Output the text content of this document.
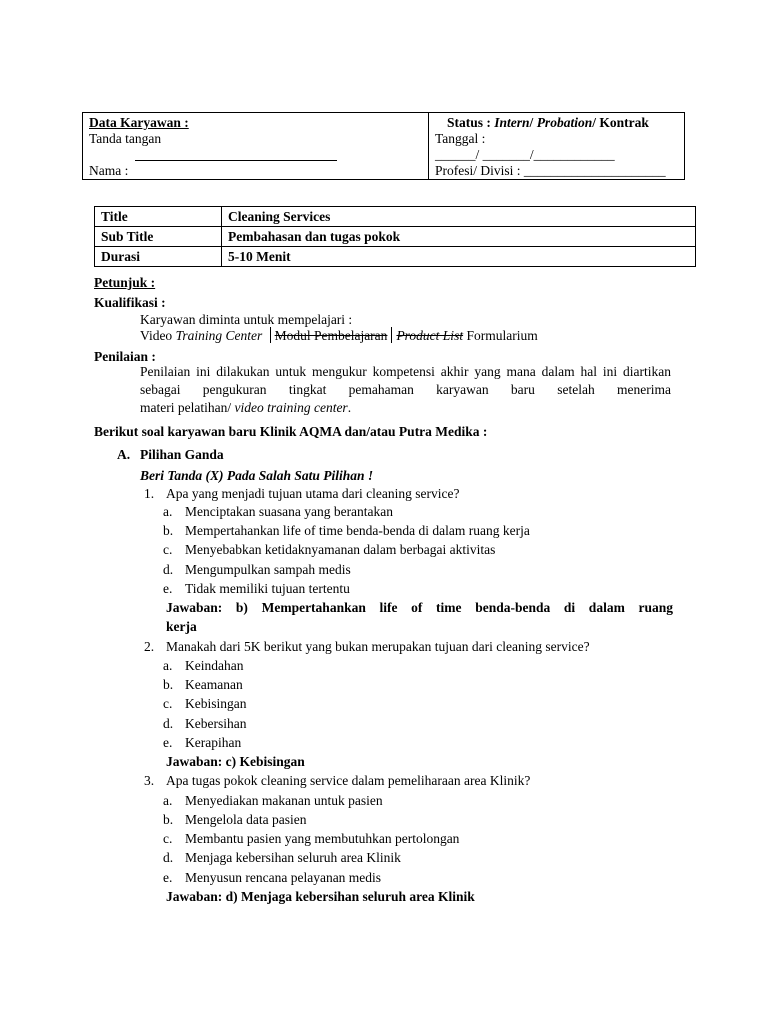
Data Karyawan :
Tanda tangan
Nama :
Status : Intern/ Probation/ Kontrak
Tanggal :
______/ _______/____________
Profesi/ Divisi : _____________________
Title	Cleaning Services
Sub Title	Pembahasan dan tugas pokok
Durasi	5-10 Menit
Petunjuk :
Kualifikasi :
Karyawan diminta untuk mempelajari :
Video Training Center Modul Pembelajaran Product List Formularium
Penilaian :
Penilaian ini dilakukan untuk mengukur kompetensi akhir yang mana dalam hal ini diartikan sebagai pengukuran tingkat pemahaman karyawan baru setelah menerima
materi pelatihan/ video training center.
Berikut soal karyawan baru Klinik AQMA dan/atau Putra Medika :
A. Pilihan Ganda
Beri Tanda (X) Pada Salah Satu Pilihan !
1. Apa yang menjadi tujuan utama dari cleaning service?
a. Menciptakan suasana yang berantakan
b. Mempertahankan life of time benda-benda di dalam ruang kerja
c. Menyebabkan ketidaknyamanan dalam berbagai aktivitas
d. Mengumpulkan sampah medis
e. Tidak memiliki tujuan tertentu
Jawaban: b) Mempertahankan life of time benda-benda di dalam ruang
kerja
2. Manakah dari 5K berikut yang bukan merupakan tujuan dari cleaning service?
a. Keindahan
b. Keamanan
c. Kebisingan
d. Kebersihan
e. Kerapihan
Jawaban: c) Kebisingan
3. Apa tugas pokok cleaning service dalam pemeliharaan area Klinik?
a. Menyediakan makanan untuk pasien
b. Mengelola data pasien
c. Membantu pasien yang membutuhkan pertolongan
d. Menjaga kebersihan seluruh area Klinik
e. Menyusun rencana pelayanan medis
Jawaban: d) Menjaga kebersihan seluruh area Klinik
